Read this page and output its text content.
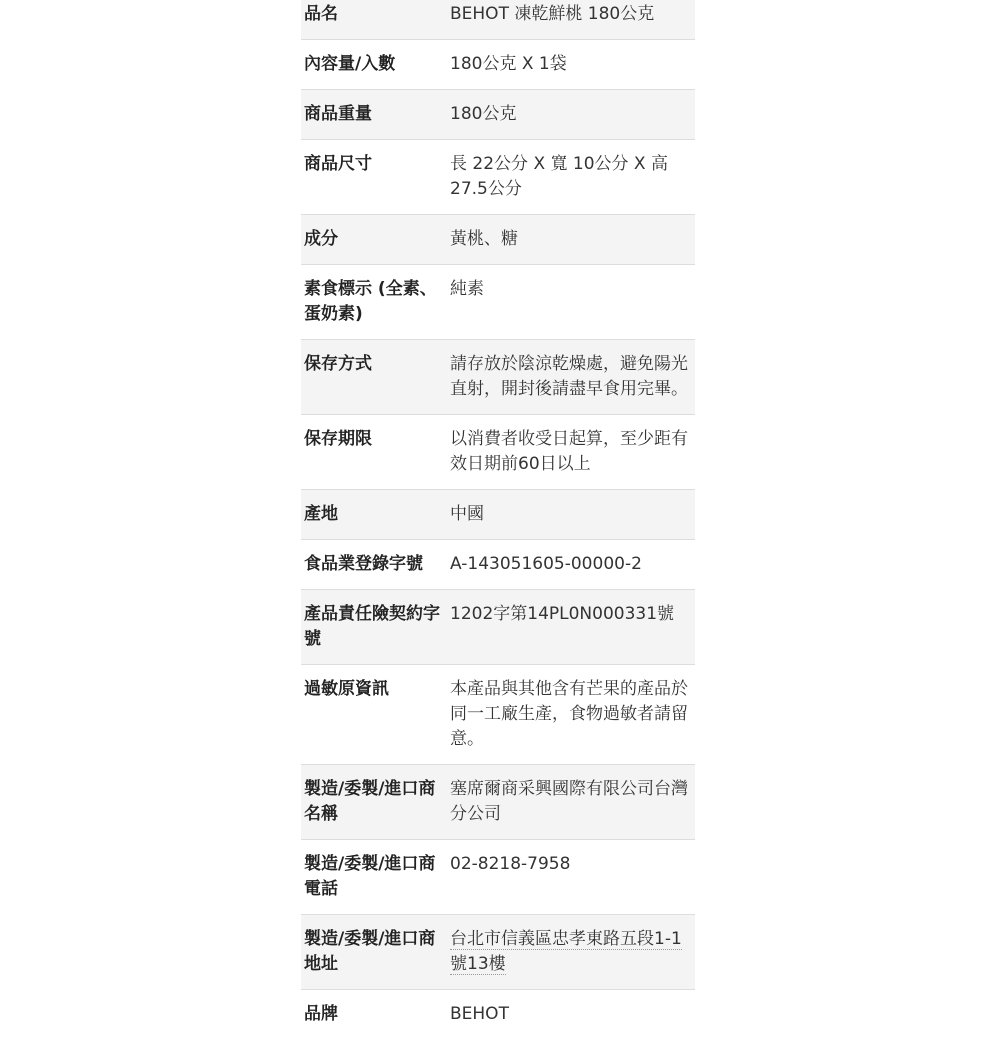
品名	BEHOT 凍乾鮮桃 180公克
內容量/入數	180公克 X 1袋
商品重量	180公克
商品尺寸	長 22公分 X 寬 10公分 X 高 27.5公分
成分	黃桃、糖
素食標示 (全素、蛋奶素)	純素
保存方式	請存放於陰涼乾燥處，避免陽光直射，開封後請盡早食用完畢。
保存期限	以消費者收受日起算，至少距有效日期前60日以上
產地	中國
食品業登錄字號	A-143051605-00000-2
產品責任險契約字號	1202字第14PL0N000331號
過敏原資訊	本產品與其他含有芒果的產品於同一工廠生產，食物過敏者請留意。
製造/委製/進口商名稱	塞席爾商采興國際有限公司台灣分公司
製造/委製/進口商電話	02-8218-7958
製造/委製/進口商地址	台北市信義區忠孝東路五段1-1號13樓
品牌	BEHOT
